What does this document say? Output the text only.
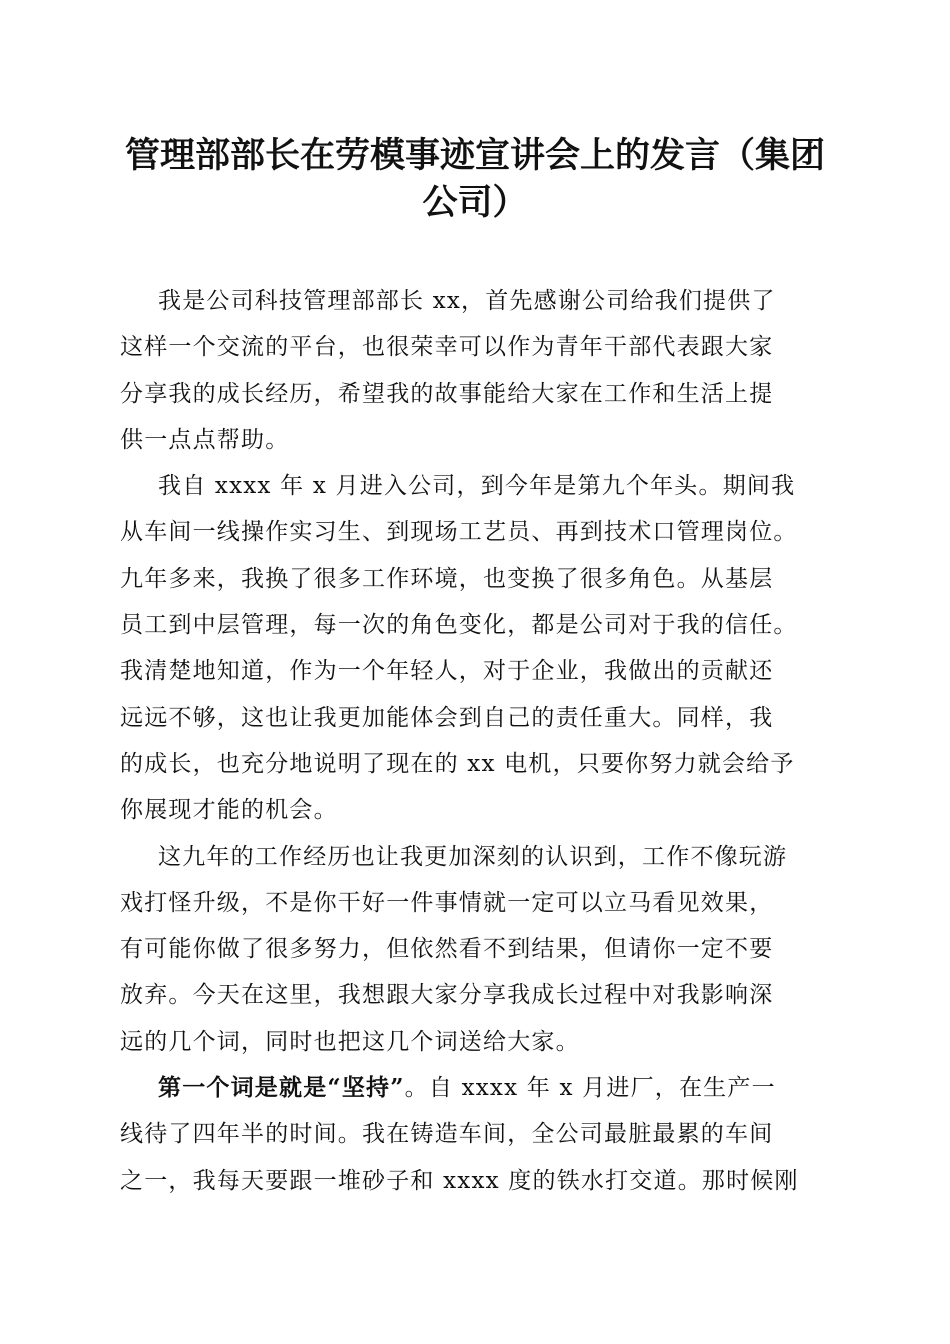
管理部部长在劳模事迹宣讲会上的发言（集团
公司）
我是公司科技管理部部长 xx，首先感谢公司给我们提供了
这样一个交流的平台，也很荣幸可以作为青年干部代表跟大家
分享我的成长经历，希望我的故事能给大家在工作和生活上提
供一点点帮助。
我自 xxxx 年 x 月进入公司，到今年是第九个年头。期间我
从车间一线操作实习生、到现场工艺员、再到技术口管理岗位。
九年多来，我换了很多工作环境，也变换了很多角色。从基层
员工到中层管理，每一次的角色变化，都是公司对于我的信任。
我清楚地知道，作为一个年轻人，对于企业，我做出的贡献还
远远不够，这也让我更加能体会到自己的责任重大。同样，我
的成长，也充分地说明了现在的 xx 电机，只要你努力就会给予
你展现才能的机会。
这九年的工作经历也让我更加深刻的认识到，工作不像玩游
戏打怪升级，不是你干好一件事情就一定可以立马看见效果，
有可能你做了很多努力，但依然看不到结果，但请你一定不要
放弃。今天在这里，我想跟大家分享我成长过程中对我影响深
远的几个词，同时也把这几个词送给大家。
第一个词是就是“坚持”。自 xxxx 年 x 月进厂，在生产一
线待了四年半的时间。我在铸造车间，全公司最脏最累的车间
之一，我每天要跟一堆砂子和 xxxx 度的铁水打交道。那时候刚
